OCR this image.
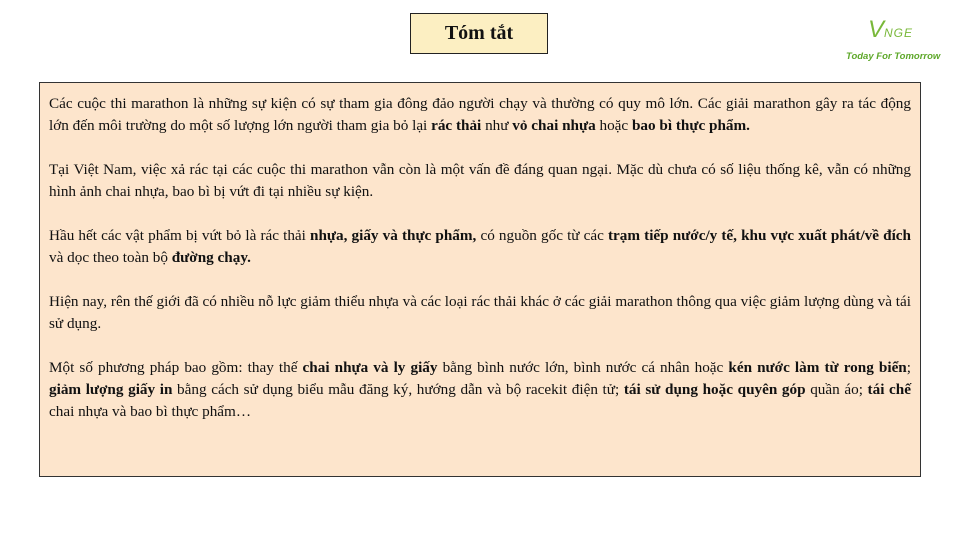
Tóm tắt	VNGE
Today For Tomorrow

Các cuộc thi marathon là những sự kiện có sự tham gia đông đảo người chạy và thường có quy mô lớn. Các giải marathon gây ra tác động lớn đến môi trường do một số lượng lớn người tham gia bỏ lại rác thải như vỏ chai nhựa hoặc bao bì thực phẩm.

Tại Việt Nam, việc xả rác tại các cuộc thi marathon vẫn còn là một vấn đề đáng quan ngại. Mặc dù chưa có số liệu thống kê, vẫn có những hình ảnh chai nhựa, bao bì bị vứt đi tại nhiều sự kiện.

Hầu hết các vật phẩm bị vứt bỏ là rác thải nhựa, giấy và thực phẩm, có nguồn gốc từ các trạm tiếp nước/y tế, khu vực xuất phát/về đích và dọc theo toàn bộ đường chạy.

Hiện nay, rên thế giới đã có nhiều nỗ lực giảm thiểu nhựa và các loại rác thải khác ở các giải marathon thông qua việc giảm lượng dùng và tái sử dụng.

Một số phương pháp bao gồm: thay thế chai nhựa và ly giấy bằng bình nước lớn, bình nước cá nhân hoặc kén nước làm từ rong biển; giảm lượng giấy in bằng cách sử dụng biểu mẫu đăng ký, hướng dẫn và bộ racekit điện tử; tái sử dụng hoặc quyên góp quần áo; tái chế chai nhựa và bao bì thực phẩm…
